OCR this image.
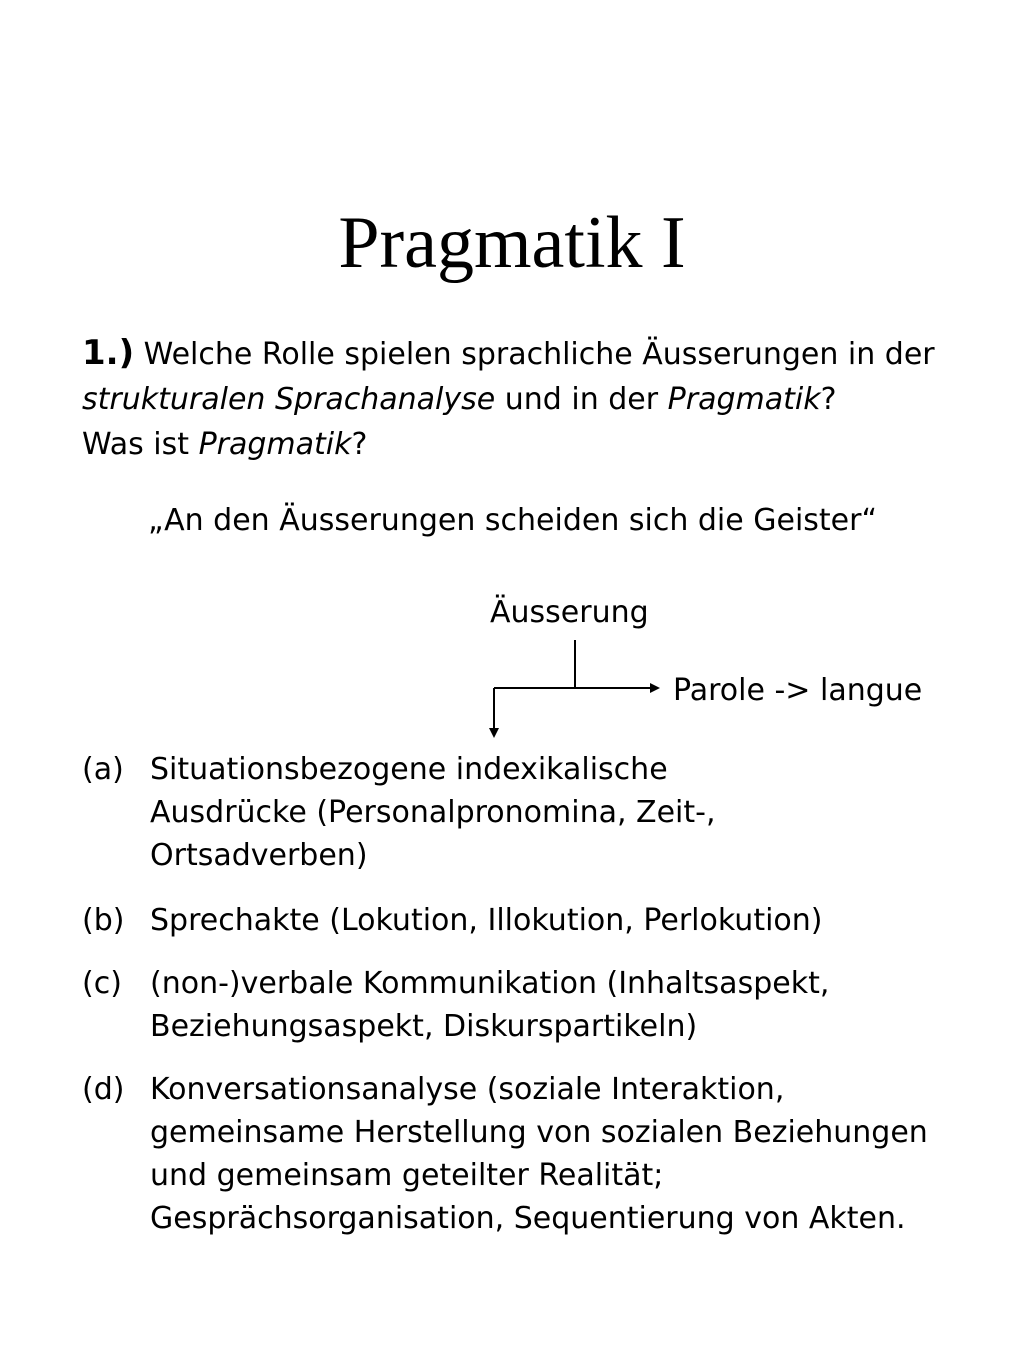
Pragmatik I
1.) Welche Rolle spielen sprachliche Äusserungen in der strukturalen Sprachanalyse und in der Pragmatik?
Was ist Pragmatik?
„An den Äusserungen scheiden sich die Geister“
Äusserung
Parole -> langue
(a) Situationsbezogene indexikalische Ausdrücke (Personalpronomina, Zeit-, Ortsadverben)
(b) Sprechakte (Lokution, Illokution, Perlokution)
(c) (non-)verbale Kommunikation (Inhaltsaspekt, Beziehungsaspekt, Diskurspartikeln)
(d) Konversationsanalyse (soziale Interaktion, gemeinsame Herstellung von sozialen Beziehungen und gemeinsam geteilter Realität; Gesprächsorganisation, Sequentierung von Akten.
